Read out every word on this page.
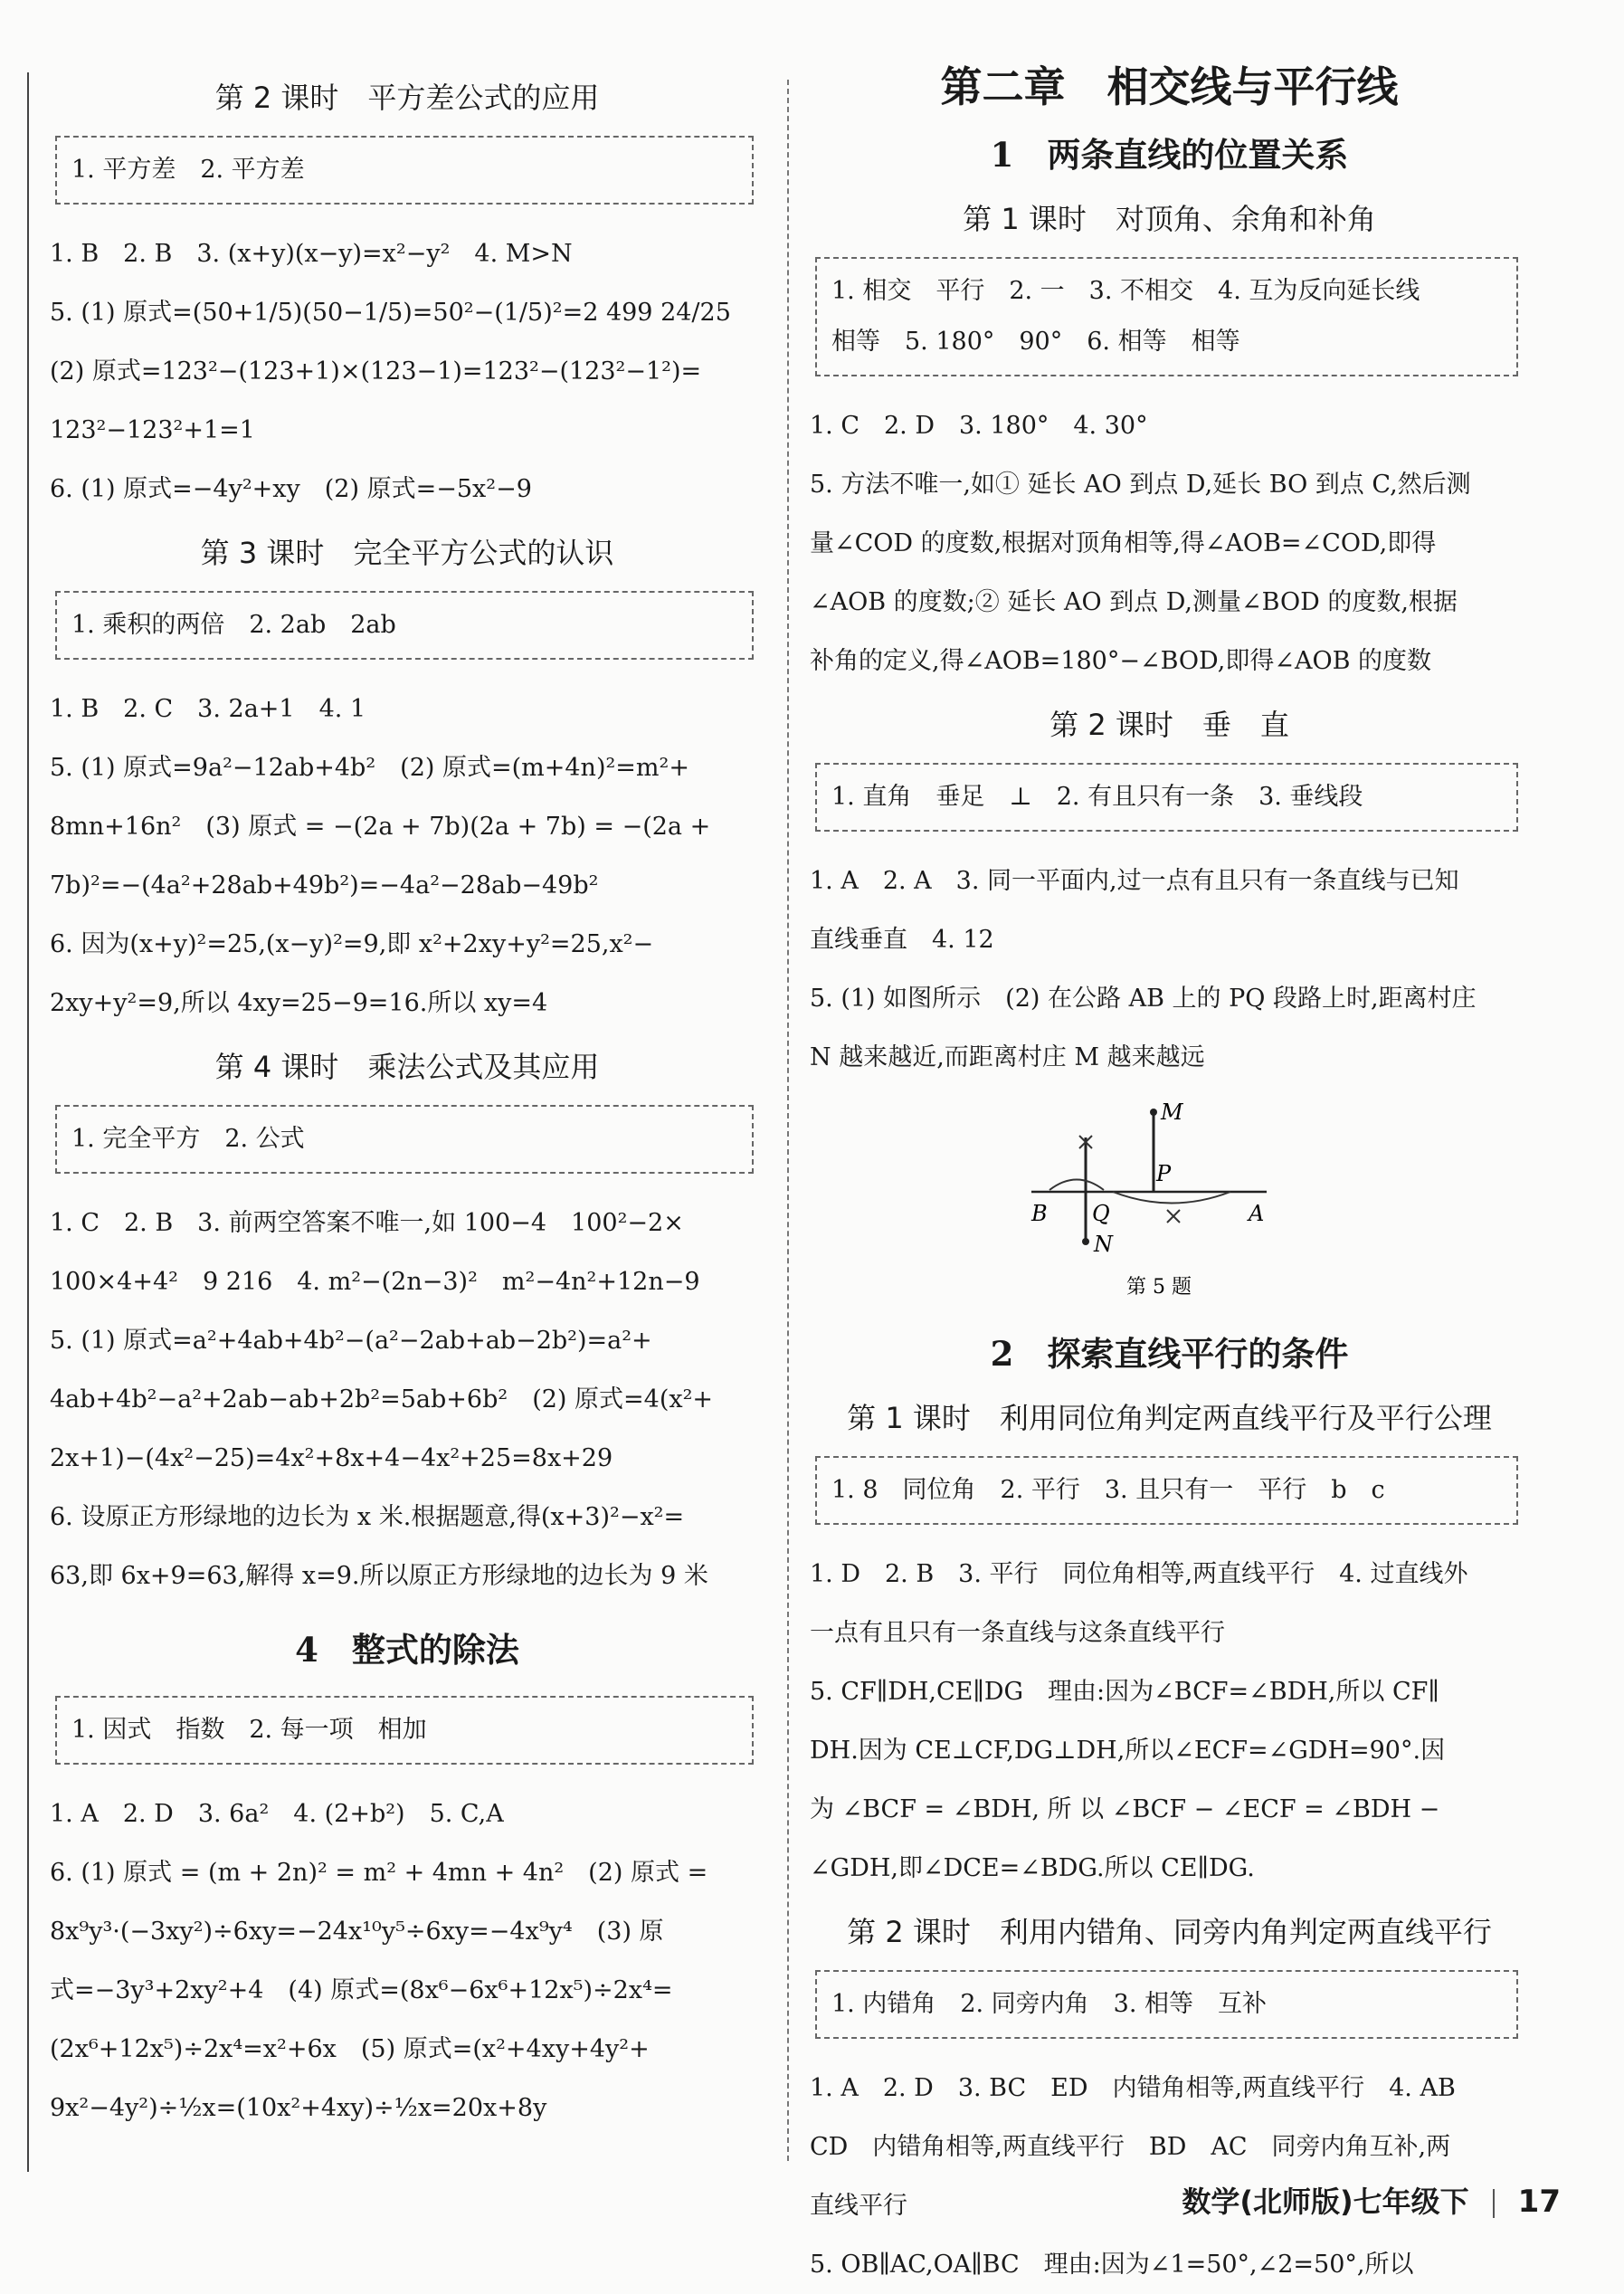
第 2 课时　平方差公式的应用
1. 平方差　2. 平方差
1. B　2. B　3. (x+y)(x−y)=x²−y²　4. M>N
5. (1) 原式=(50+1/5)(50−1/5)=50²−(1/5)²=2 499 24/25
(2) 原式=123²−(123+1)×(123−1)=123²−(123²−1²)=
123²−123²+1=1
6. (1) 原式=−4y²+xy　(2) 原式=−5x²−9
第 3 课时　完全平方公式的认识
1. 乘积的两倍　2. 2ab　2ab
1. B　2. C　3. 2a+1　4. 1
5. (1) 原式=9a²−12ab+4b²　(2) 原式=(m+4n)²=m²+
8mn+16n²　(3) 原式 = −(2a + 7b)(2a + 7b) = −(2a +
7b)²=−(4a²+28ab+49b²)=−4a²−28ab−49b²
6. 因为(x+y)²=25,(x−y)²=9,即 x²+2xy+y²=25,x²−
2xy+y²=9,所以 4xy=25−9=16.所以 xy=4
第 4 课时　乘法公式及其应用
1. 完全平方　2. 公式
1. C　2. B　3. 前两空答案不唯一,如 100−4　100²−2×
100×4+4²　9 216　4. m²−(2n−3)²　m²−4n²+12n−9
5. (1) 原式=a²+4ab+4b²−(a²−2ab+ab−2b²)=a²+
4ab+4b²−a²+2ab−ab+2b²=5ab+6b²　(2) 原式=4(x²+
2x+1)−(4x²−25)=4x²+8x+4−4x²+25=8x+29
6. 设原正方形绿地的边长为 x 米.根据题意,得(x+3)²−x²=
63,即 6x+9=63,解得 x=9.所以原正方形绿地的边长为 9 米
4　整式的除法
1. 因式　指数　2. 每一项　相加
1. A　2. D　3. 6a²　4. (2+b²)　5. C,A
6. (1) 原式 = (m + 2n)² = m² + 4mn + 4n²　(2) 原式 =
8x⁹y³·(−3xy²)÷6xy=−24x¹⁰y⁵÷6xy=−4x⁹y⁴　(3) 原
式=−3y³+2xy²+4　(4) 原式=(8x⁶−6x⁶+12x⁵)÷2x⁴=
(2x⁶+12x⁵)÷2x⁴=x²+6x　(5) 原式=(x²+4xy+4y²+
9x²−4y²)÷½x=(10x²+4xy)÷½x=20x+8y
第二章　相交线与平行线
1　两条直线的位置关系
第 1 课时　对顶角、余角和补角
1. 相交　平行　2. 一　3. 不相交　4. 互为反向延长线
相等　5. 180°　90°　6. 相等　相等
1. C　2. D　3. 180°　4. 30°
5. 方法不唯一,如① 延长 AO 到点 D,延长 BO 到点 C,然后测
量∠COD 的度数,根据对顶角相等,得∠AOB=∠COD,即得
∠AOB 的度数;② 延长 AO 到点 D,测量∠BOD 的度数,根据
补角的定义,得∠AOB=180°−∠BOD,即得∠AOB 的度数
第 2 课时　垂　直
1. 直角　垂足　⊥　2. 有且只有一条　3. 垂线段
1. A　2. A　3. 同一平面内,过一点有且只有一条直线与已知
直线垂直　4. 12
5. (1) 如图所示　(2) 在公路 AB 上的 PQ 段路上时,距离村庄
N 越来越近,而距离村庄 M 越来越远
M
P
B Q	A
N
第 5 题
2　探索直线平行的条件
第 1 课时　利用同位角判定两直线平行及平行公理
1. 8　同位角　2. 平行　3. 且只有一　平行　b　c
1. D　2. B　3. 平行　同位角相等,两直线平行　4. 过直线外
一点有且只有一条直线与这条直线平行
5. CF∥DH,CE∥DG　理由:因为∠BCF=∠BDH,所以 CF∥
DH.因为 CE⊥CF,DG⊥DH,所以∠ECF=∠GDH=90°.因
为 ∠BCF = ∠BDH, 所 以 ∠BCF − ∠ECF = ∠BDH −
∠GDH,即∠DCE=∠BDG.所以 CE∥DG.
第 2 课时　利用内错角、同旁内角判定两直线平行
1. 内错角　2. 同旁内角　3. 相等　互补
1. A　2. D　3. BC　ED　内错角相等,两直线平行　4. AB
CD　内错角相等,两直线平行　BD　AC　同旁内角互补,两
直线平行
5. OB∥AC,OA∥BC　理由:因为∠1=50°,∠2=50°,所以
数学(北师版)七年级下 17
